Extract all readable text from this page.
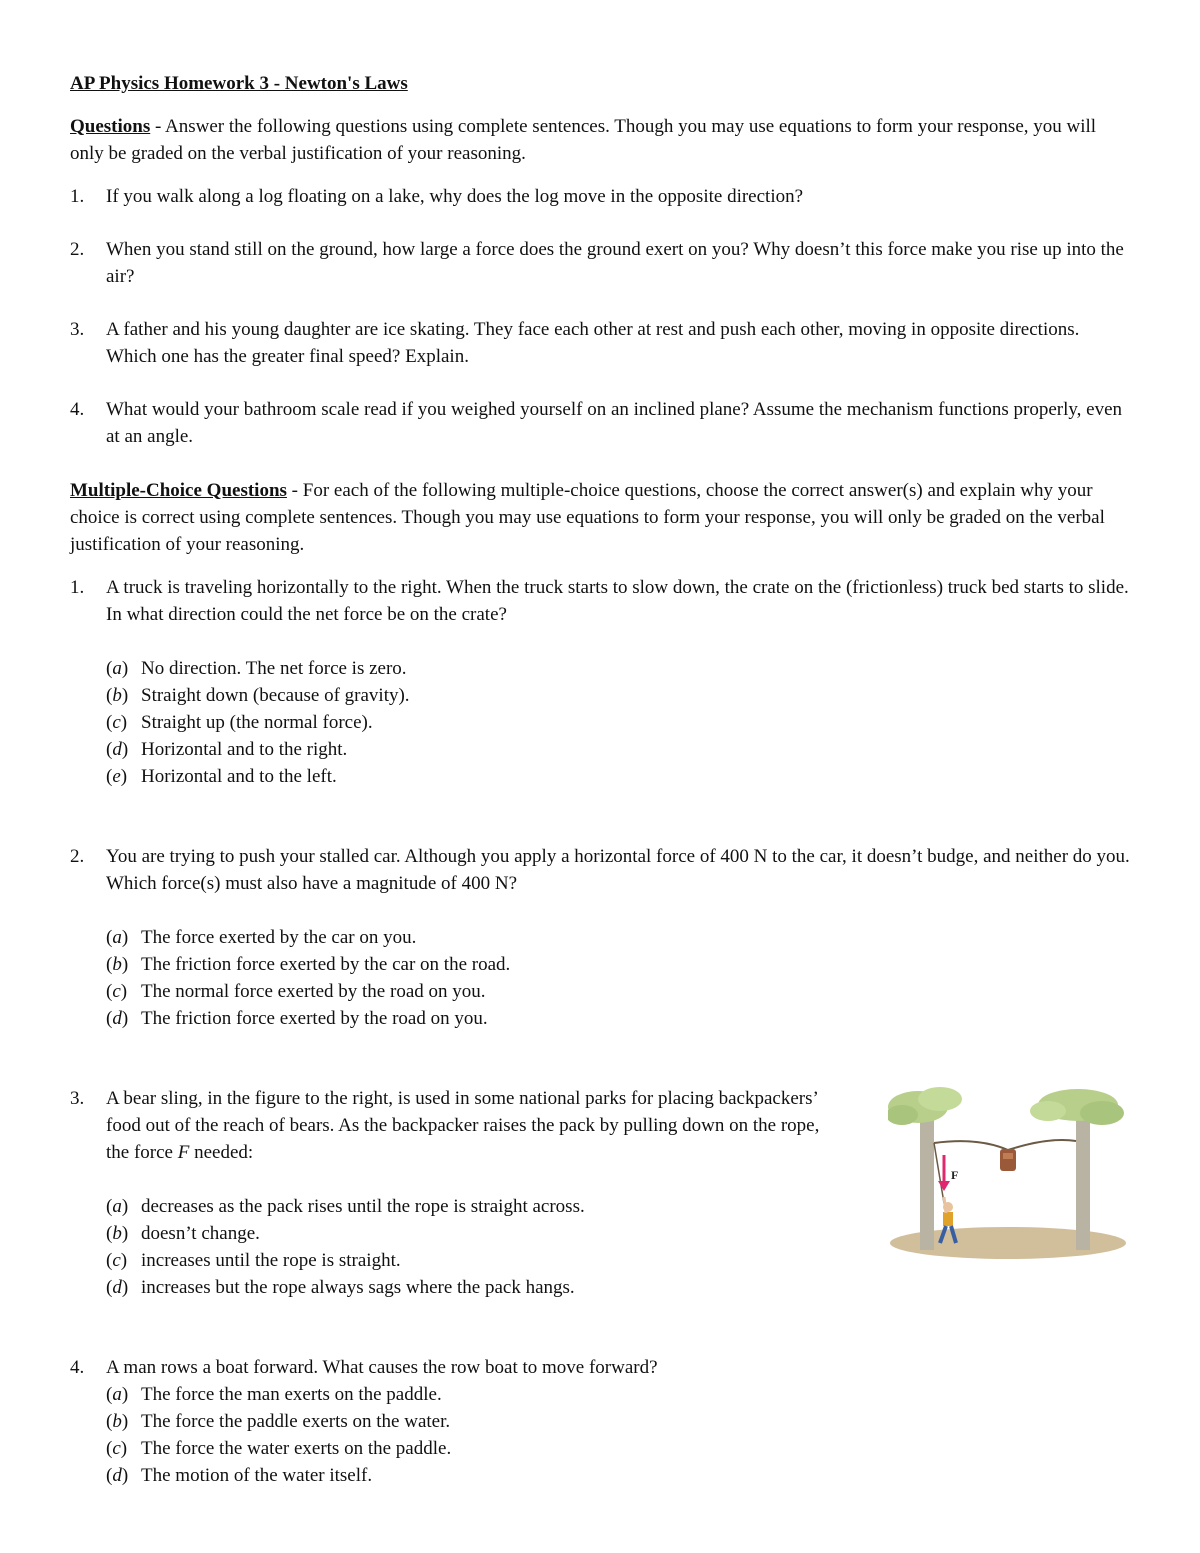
AP Physics Homework 3 - Newton's Laws

Questions - Answer the following questions using complete sentences. Though you may use equations to form your response, you will only be graded on the verbal justification of your reasoning.

1. If you walk along a log floating on a lake, why does the log move in the opposite direction?
2. When you stand still on the ground, how large a force does the ground exert on you? Why doesn’t this force make you rise up into the air?
3. A father and his young daughter are ice skating. They face each other at rest and push each other, moving in opposite directions. Which one has the greater final speed? Explain.
4. What would your bathroom scale read if you weighed yourself on an inclined plane? Assume the mechanism functions properly, even at an angle.

Multiple-Choice Questions - For each of the following multiple-choice questions, choose the correct answer(s) and explain why your choice is correct using complete sentences. Though you may use equations to form your response, you will only be graded on the verbal justification of your reasoning.

1. A truck is traveling horizontally to the right. When the truck starts to slow down, the crate on the (frictionless) truck bed starts to slide. In what direction could the net force be on the crate?
(a) No direction. The net force is zero.
(b) Straight down (because of gravity).
(c) Straight up (the normal force).
(d) Horizontal and to the right.
(e) Horizontal and to the left.
2. You are trying to push your stalled car. Although you apply a horizontal force of 400 N to the car, it doesn’t budge, and neither do you. Which force(s) must also have a magnitude of 400 N?
(a) The force exerted by the car on you.
(b) The friction force exerted by the car on the road.
(c) The normal force exerted by the road on you.
(d) The friction force exerted by the road on you.
3. A bear sling, in the figure to the right, is used in some national parks for placing backpackers’ food out of the reach of bears. As the backpacker raises the pack by pulling down on the rope, the force F needed:
(a) decreases as the pack rises until the rope is straight across.
(b) doesn’t change.
(c) increases until the rope is straight.
(d) increases but the rope always sags where the pack hangs.
4. A man rows a boat forward. What causes the row boat to move forward?
(a) The force the man exerts on the paddle.
(b) The force the paddle exerts on the water.
(c) The force the water exerts on the paddle.
(d) The motion of the water itself.
F
